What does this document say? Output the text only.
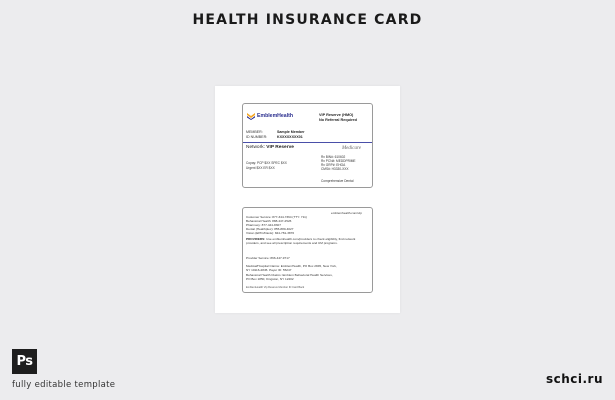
HEALTH INSURANCE CARD
EmblemHealth	VIP Reserve (HMO)
No Referral Required
MEMBER:	Sample Member
ID NUMBER:	KXXXXXXXX01
Network: VIP Reserve	Medicare
Copay: PCP $XX SPEC $XX
Urgent $XX ER $XX
Rx BIN#: 610602
Rx PCN#: MEDDPRIME
Rx GRP#: EHGA
CMS#: H3330-XXX
Comprehensive Dental
emblemhealth.com/vip
Customer Service: 877-344-7364 (TTY: 711)
Behavioral Health: 888-447-2526
Pharmacy: 877-444-8307
Dental (Healthplex): 855-880-4027
Vision (EPIC/Davis): 844-781-3876
PROVIDERS: Use emblemhealth.com/providers to check eligibility, find network providers, and see all prescription requirements and UM programs.
Provider Service: 866-447-9717
Medical/Hospital Claims: EmblemHealth, PO Box 2845, New York,
NY 10116-2845. Payer ID: 55247
Behavioral Health Claims: Emblem Behavioral Health Services,
PO Box 1850, Kingston, NY 12402
EmblemHealth Vip Reserve Member ID Card Back
Ps
fully editable template	schci.ru
